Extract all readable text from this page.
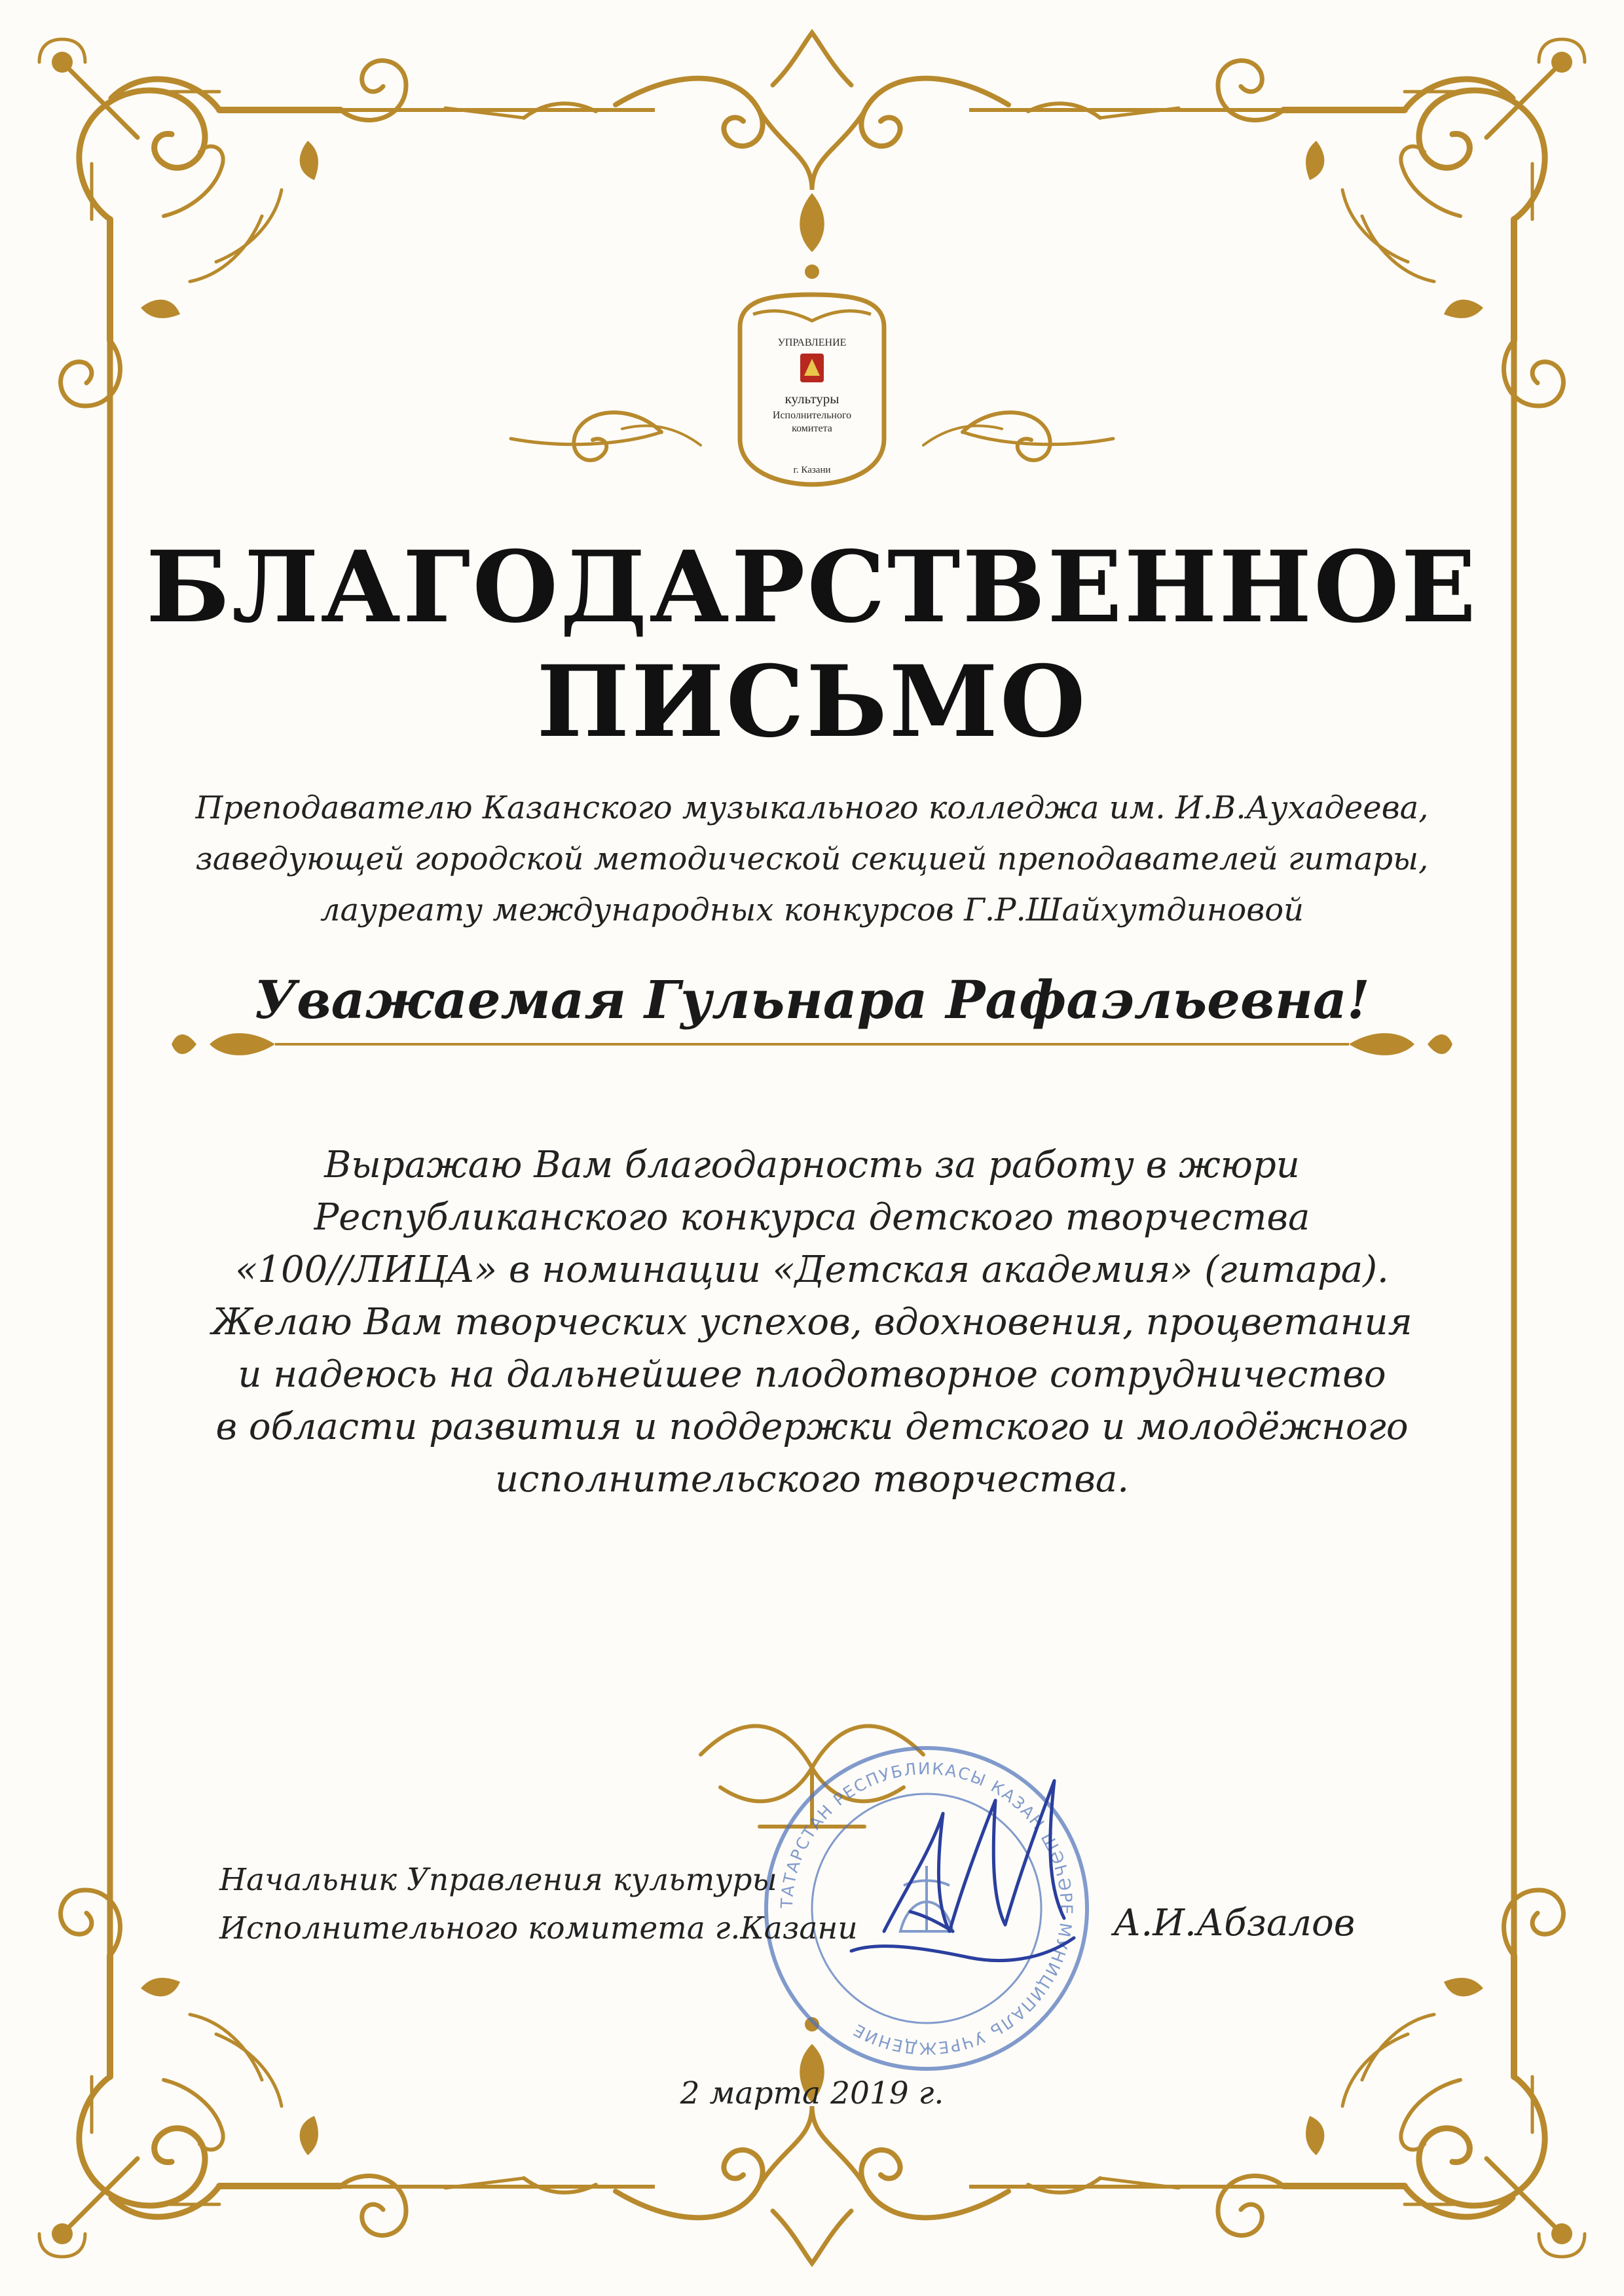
УПРАВЛЕНИЕ
культуры
Исполнительного
комитета
г. Казани
БЛАГОДАРСТВЕННОЕ
ПИСЬМО
Преподавателю Казанского музыкального колледжа им. И.В.Аухадеева,
заведующей городской методической секцией преподавателей гитары,
лауреату международных конкурсов Г.Р.Шайхутдиновой
Уважаемая Гульнара Рафаэльевна!
Выражаю Вам благодарность за работу в жюри
Республиканского конкурса детского творчества
«100//ЛИЦА» в номинации «Детская академия» (гитара).
Желаю Вам творческих успехов, вдохновения, процветания
и надеюсь на дальнейшее плодотворное сотрудничество
в области развития и поддержки детского и молодёжного
исполнительского творчества.
ТАТАРСТАН РЕСПУБЛИКАСЫ КАЗАН ШӘҺӘРЕ МУНИЦИПАЛЬ УЧРЕЖДЕНИЕ
Начальник Управления культуры
Исполнительного комитета г.Казани	А.И.Абзалов
2 марта 2019 г.
